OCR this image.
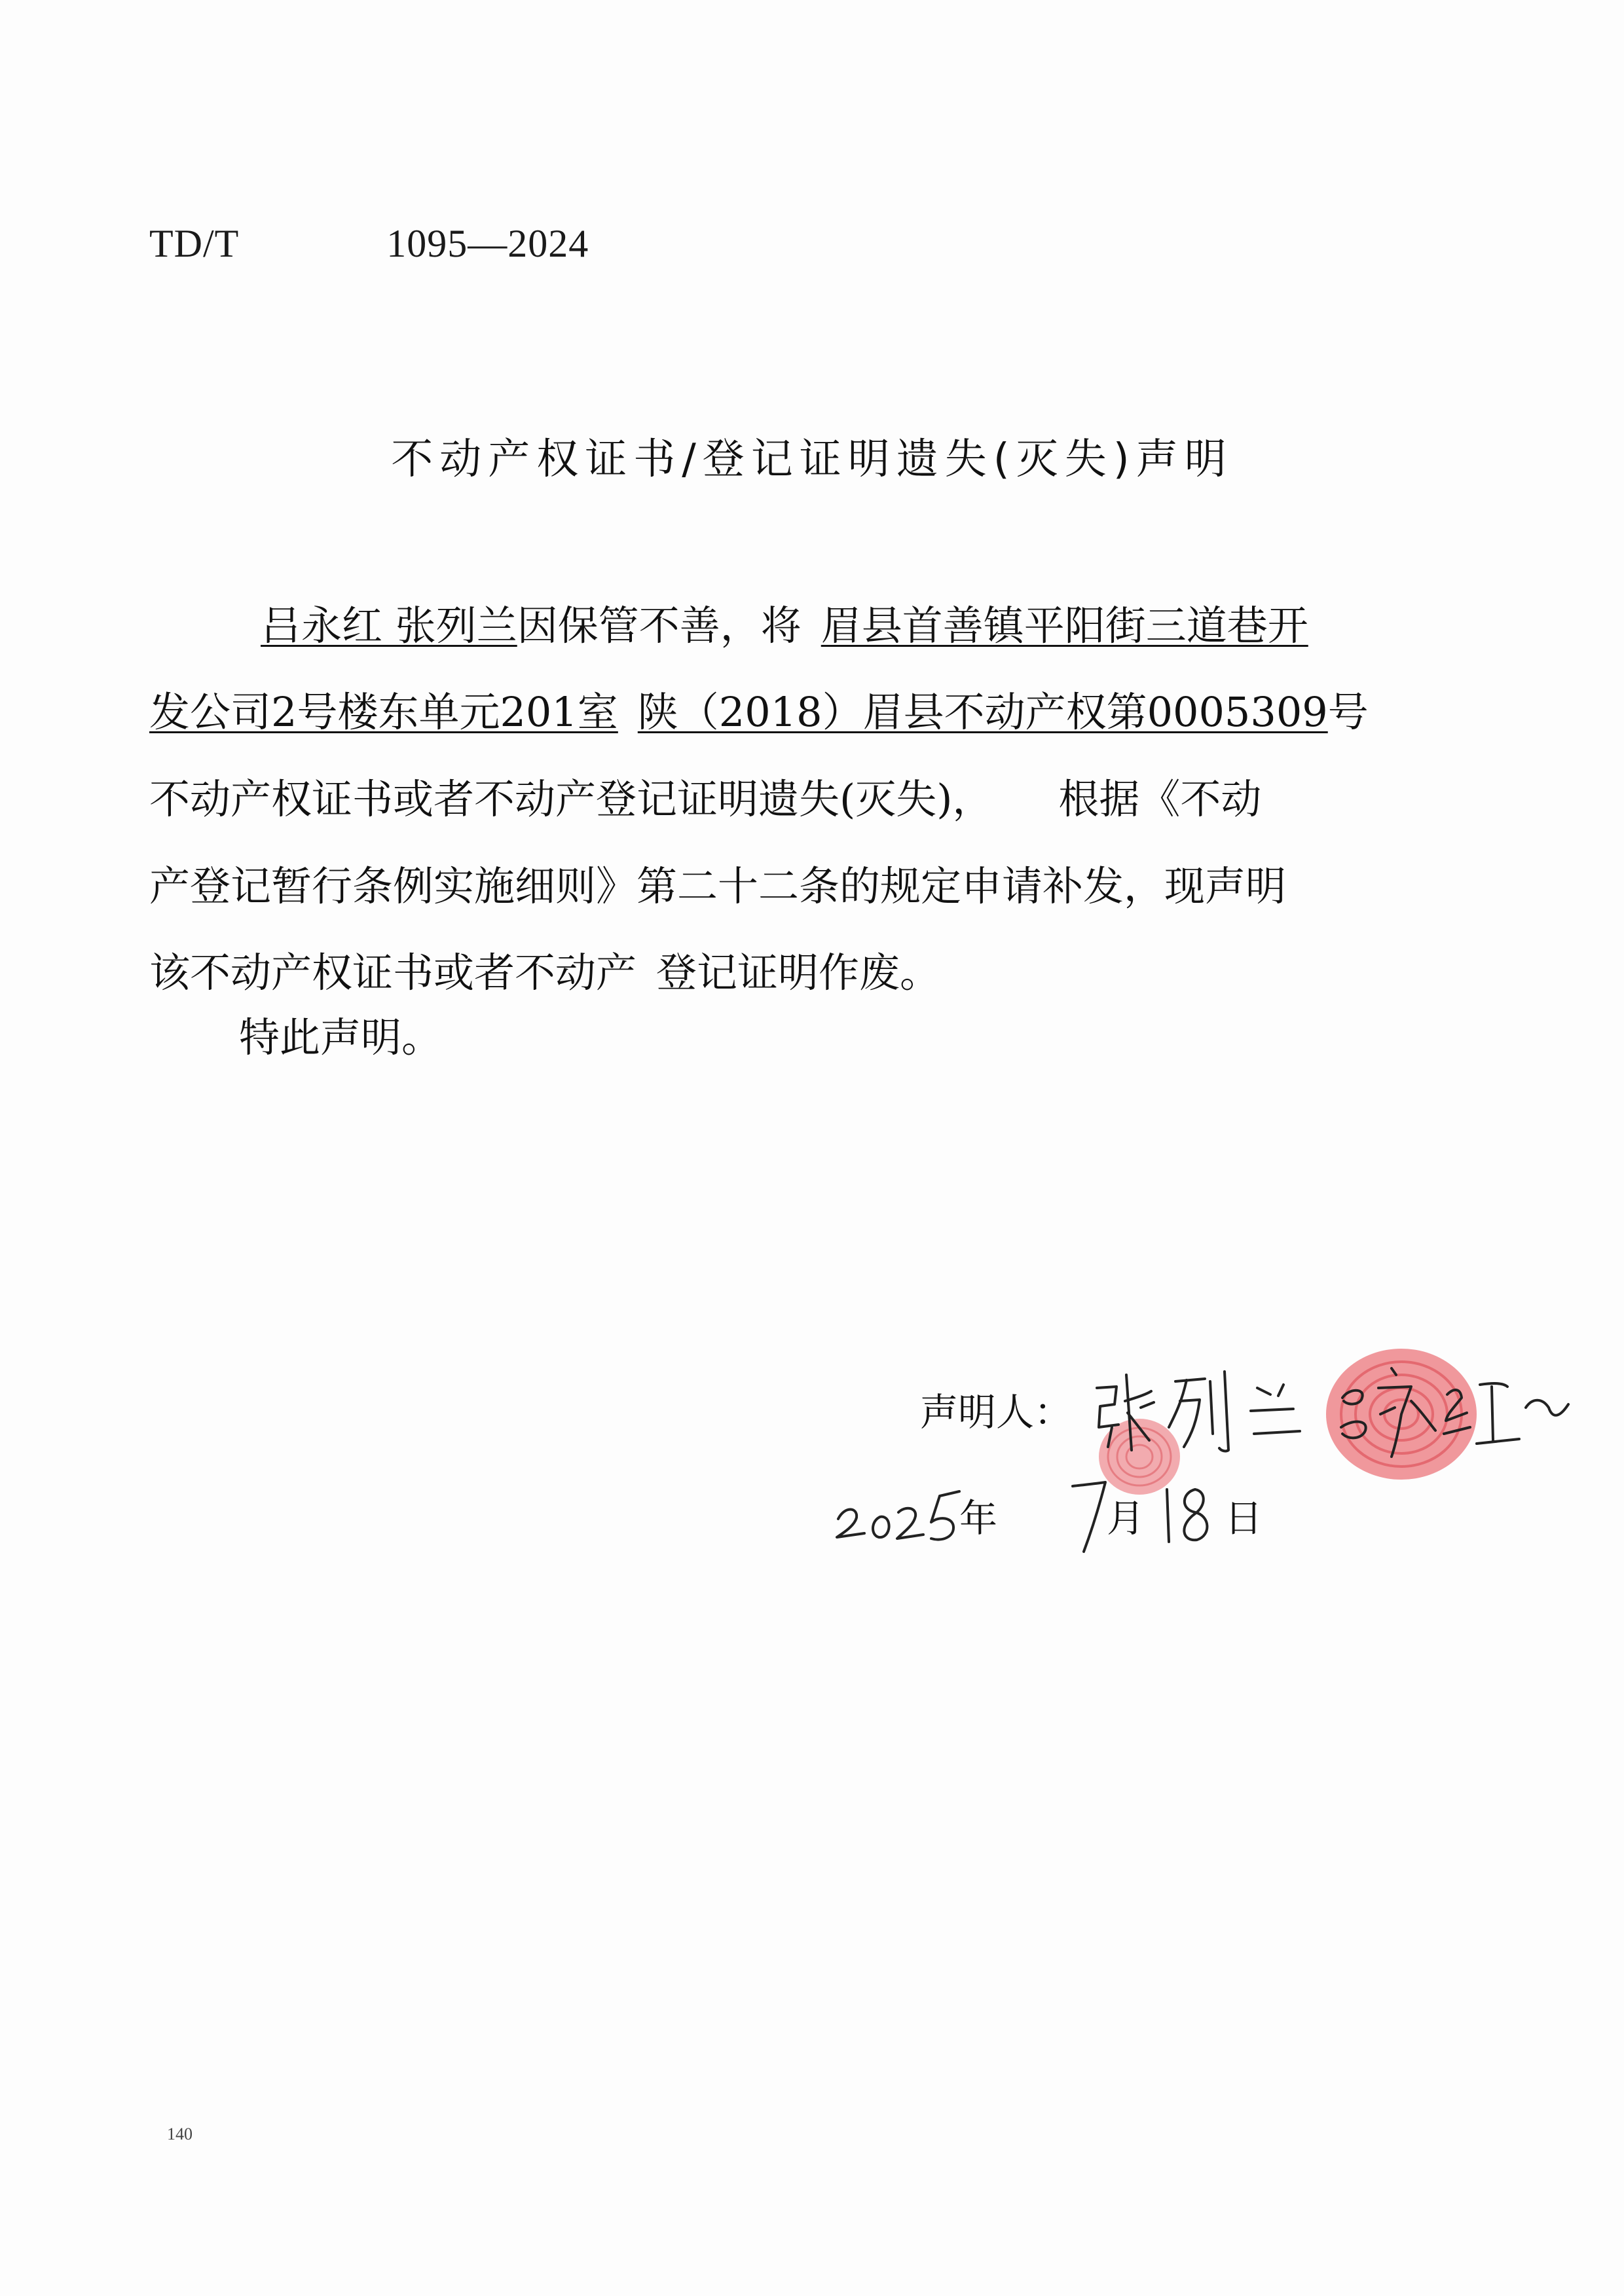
TD/T	1095—2024
不动产权证书/登记证明遗失(灭失)声明
吕永红 张列兰因保管不善，将 眉县首善镇平阳街三道巷开
发公司2号楼东单元201室 陕（2018）眉县不动产权第0005309号
不动产权证书或者不动产登记证明遗失(灭失)， 根据《不动
产登记暂行条例实施细则》第二十二条的规定申请补发，现声明
该不动产权证书或者不动产 登记证明作废。
特此声明。
声明人：
年	月 日
140
